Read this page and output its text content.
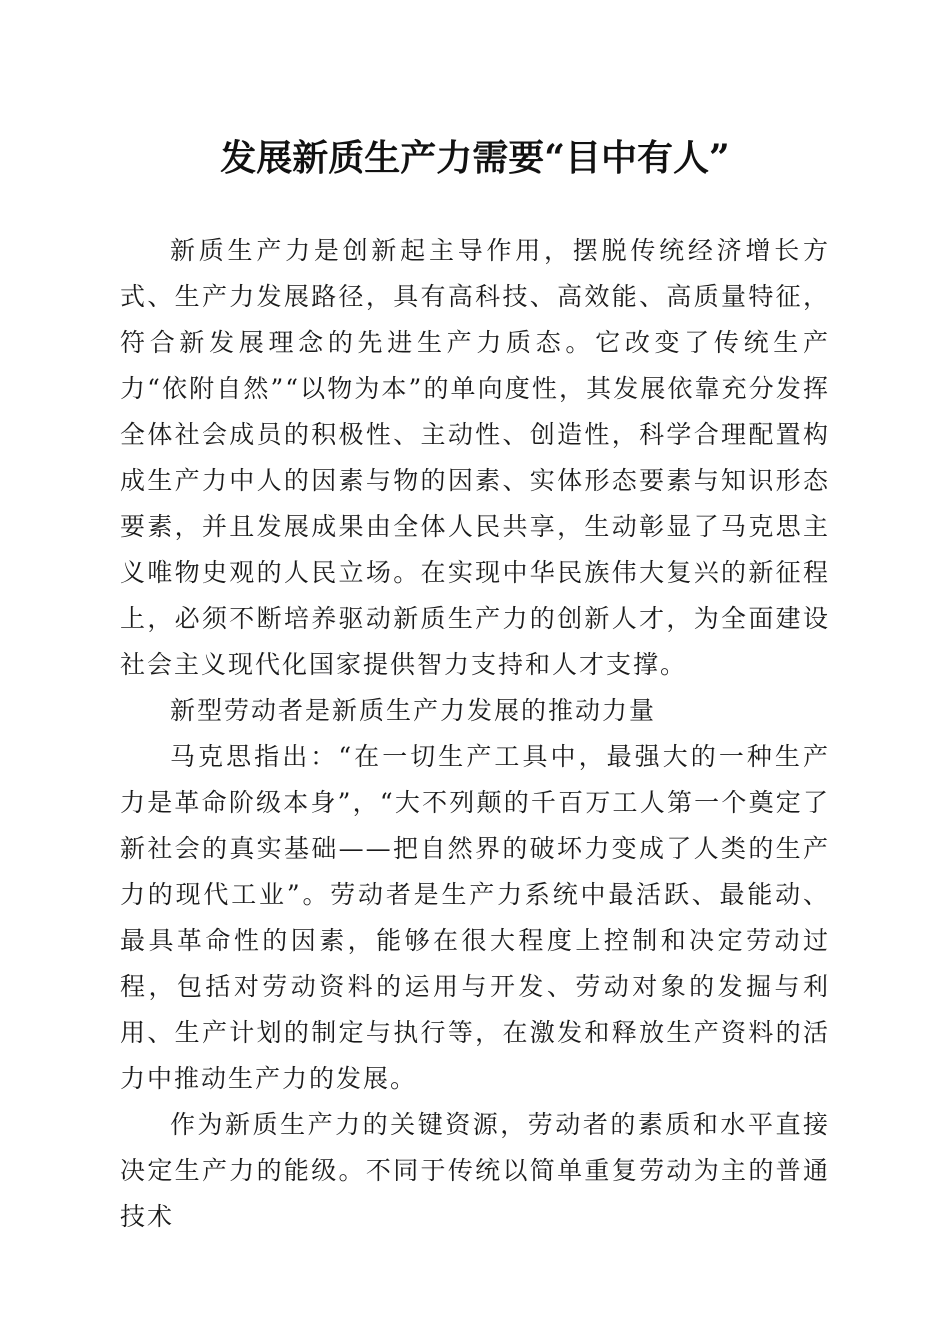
发展新质生产力需要“目中有人”

新质生产力是创新起主导作用，摆脱传统经济增长方式、生产力发展路径，具有高科技、高效能、高质量特征，符合新发展理念的先进生产力质态。它改变了传统生产力“依附自然”“以物为本”的单向度性，其发展依靠充分发挥全体社会成员的积极性、主动性、创造性，科学合理配置构成生产力中人的因素与物的因素、实体形态要素与知识形态要素，并且发展成果由全体人民共享，生动彰显了马克思主义唯物史观的人民立场。在实现中华民族伟大复兴的新征程上，必须不断培养驱动新质生产力的创新人才，为全面建设社会主义现代化国家提供智力支持和人才支撑。

新型劳动者是新质生产力发展的推动力量

马克思指出：“在一切生产工具中，最强大的一种生产力是革命阶级本身”，“大不列颠的千百万工人第一个奠定了新社会的真实基础——把自然界的破坏力变成了人类的生产力的现代工业”。劳动者是生产力系统中最活跃、最能动、最具革命性的因素，能够在很大程度上控制和决定劳动过程，包括对劳动资料的运用与开发、劳动对象的发掘与利用、生产计划的制定与执行等，在激发和释放生产资料的活力中推动生产力的发展。

作为新质生产力的关键资源，劳动者的素质和水平直接决定生产力的能级。不同于传统以简单重复劳动为主的普通技术
